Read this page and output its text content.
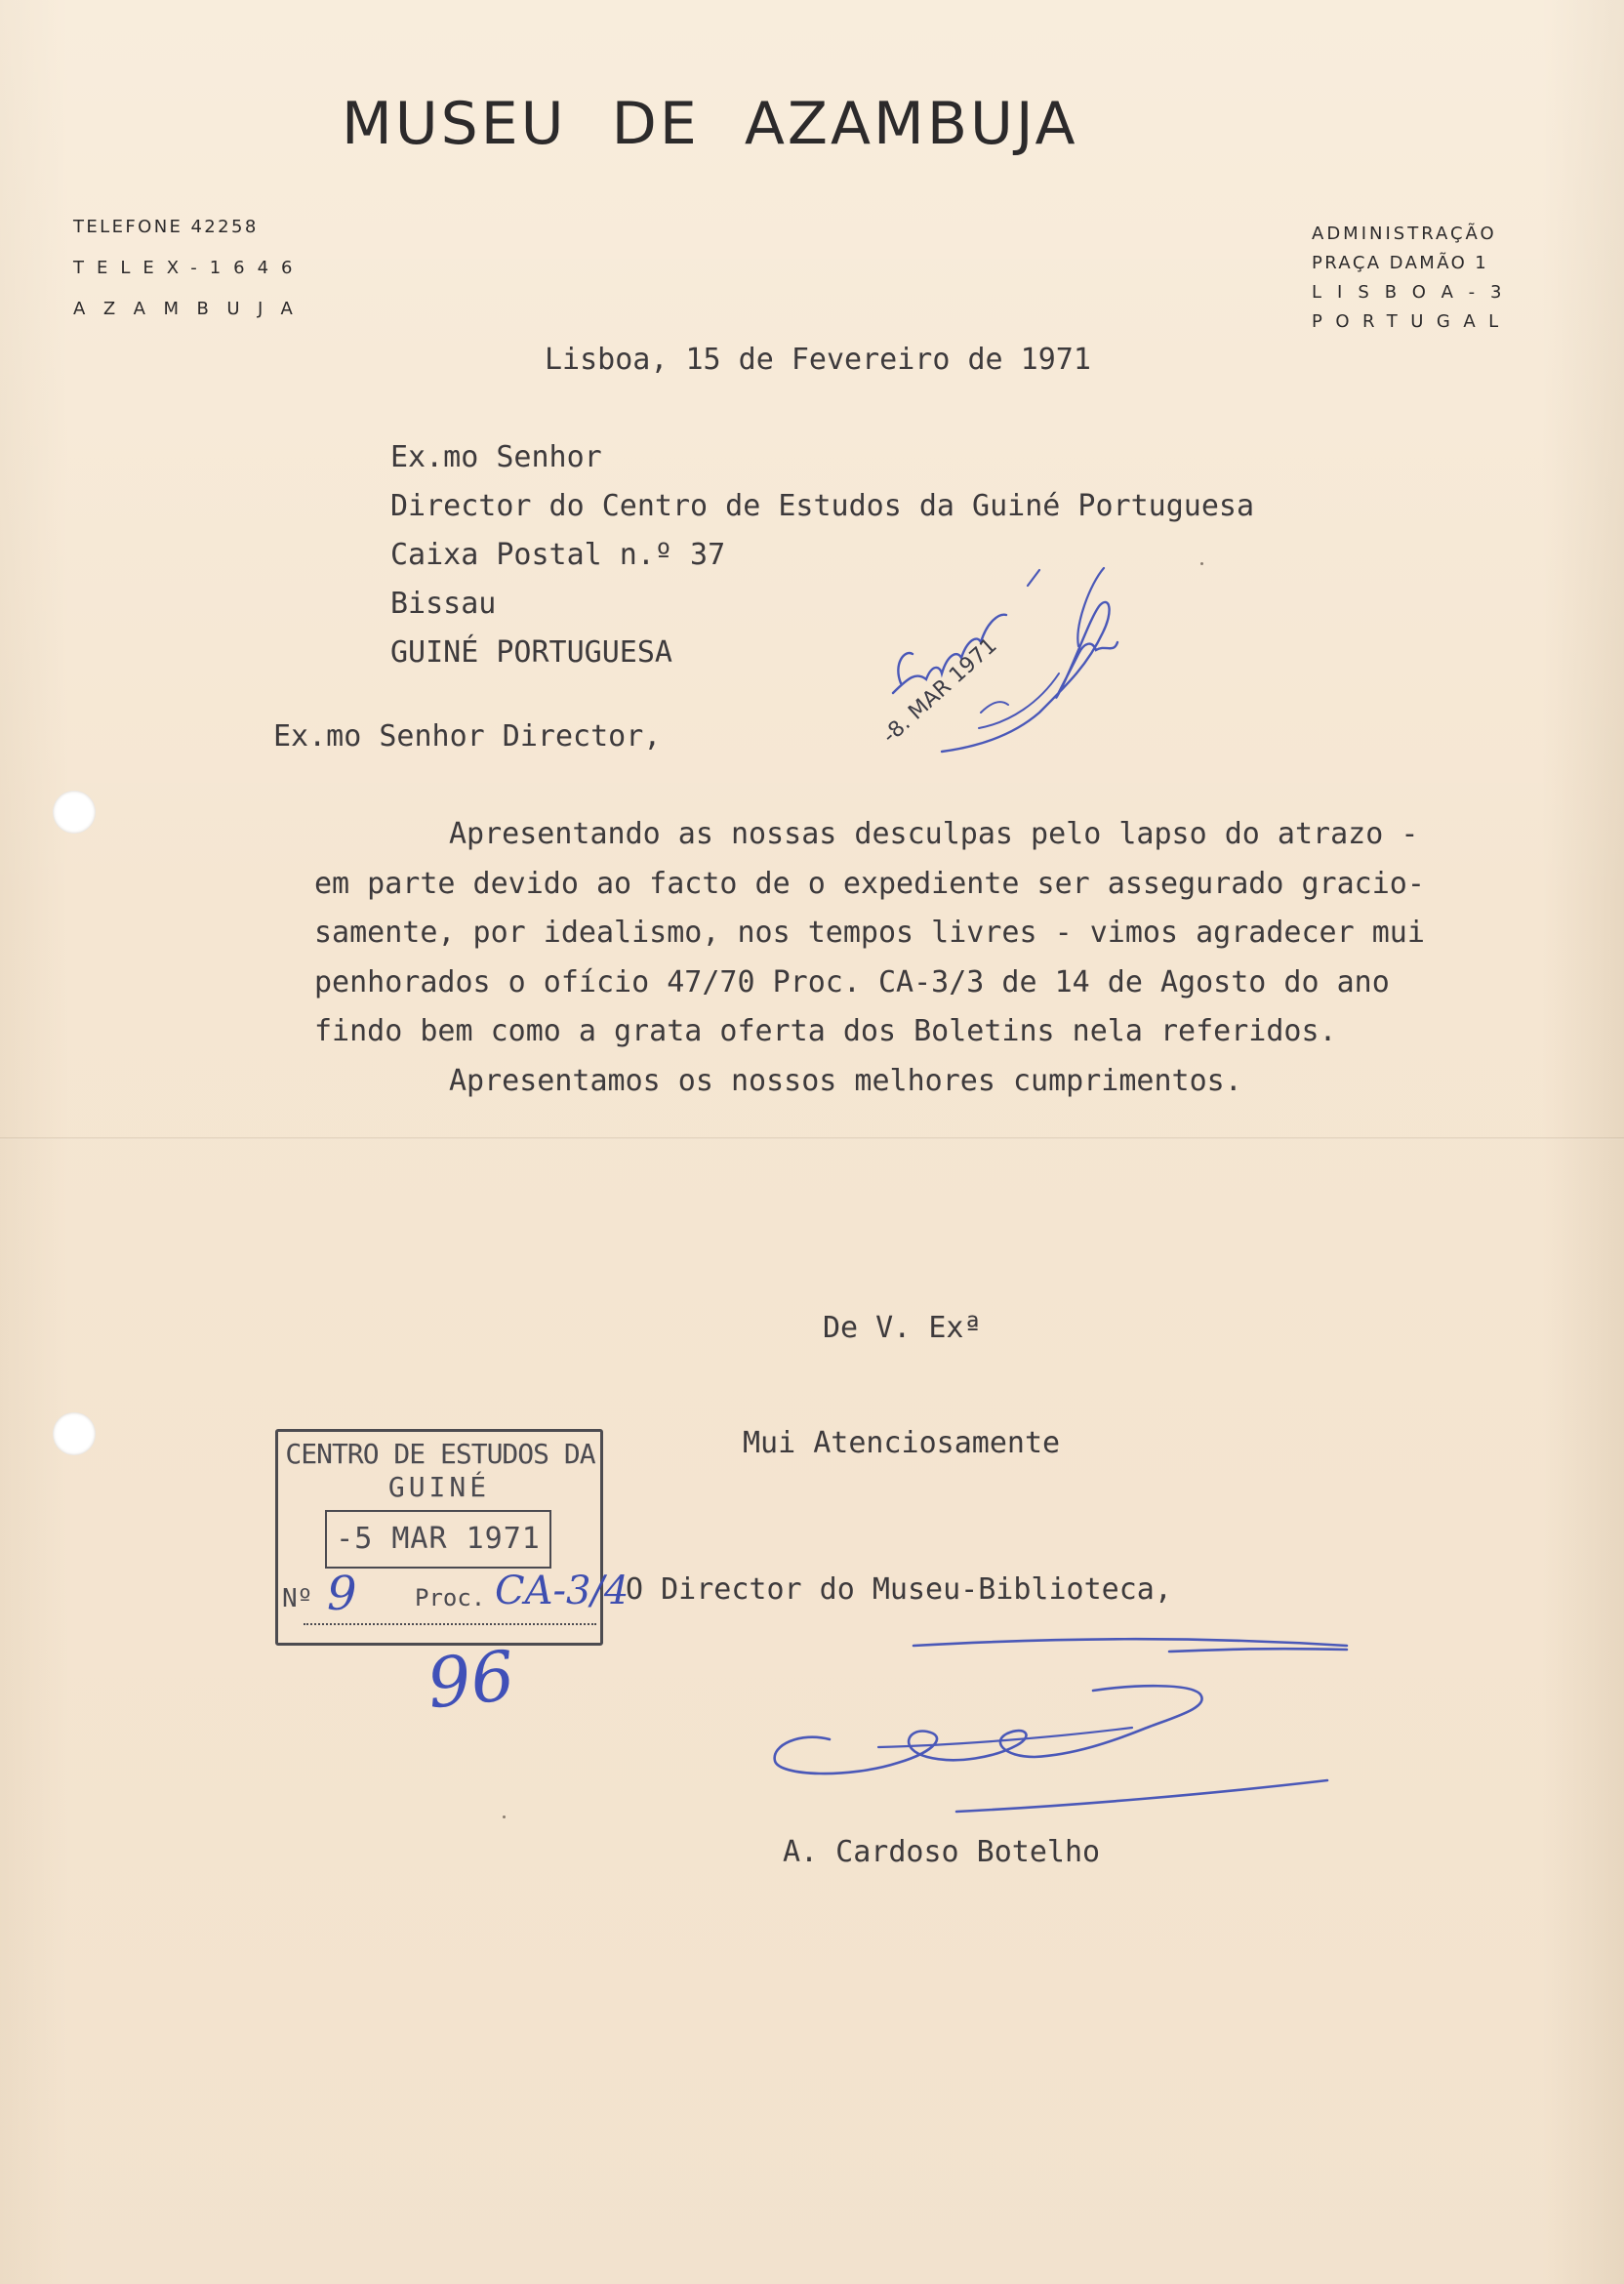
MUSEU DE AZAMBUJA
TELEFONE 42258
TELEX-1646
AZAMBUJA
ADMINISTRAÇÃO
PRAÇA DAMÃO 1
LISBOA-3
PORTUGAL

Lisboa, 15 de Fevereiro de 1971

Ex.mo Senhor
Director do Centro de Estudos da Guiné Portuguesa
Caixa Postal n.º 37
Bissau
GUINÉ PORTUGUESA	-8. MAR 1971

Ex.mo Senhor Director,

Apresentando as nossas desculpas pelo lapso do atrazo -
em parte devido ao facto de o expediente ser assegurado gracio-
samente, por idealismo, nos tempos livres - vimos agradecer mui
penhorados o ofício 47/70 Proc. CA-3/3 de 14 de Agosto do ano
findo bem como a grata oferta dos Boletins nela referidos.
Apresentamos os nossos melhores cumprimentos.

De V. Exª

Mui Atenciosamente

O Director do Museu-Biblioteca,

CENTRO DE ESTUDOS DA
GUINÉ
-5 MAR 1971
Nº 9 Proc. CA-3/4
96

A. Cardoso Botelho
